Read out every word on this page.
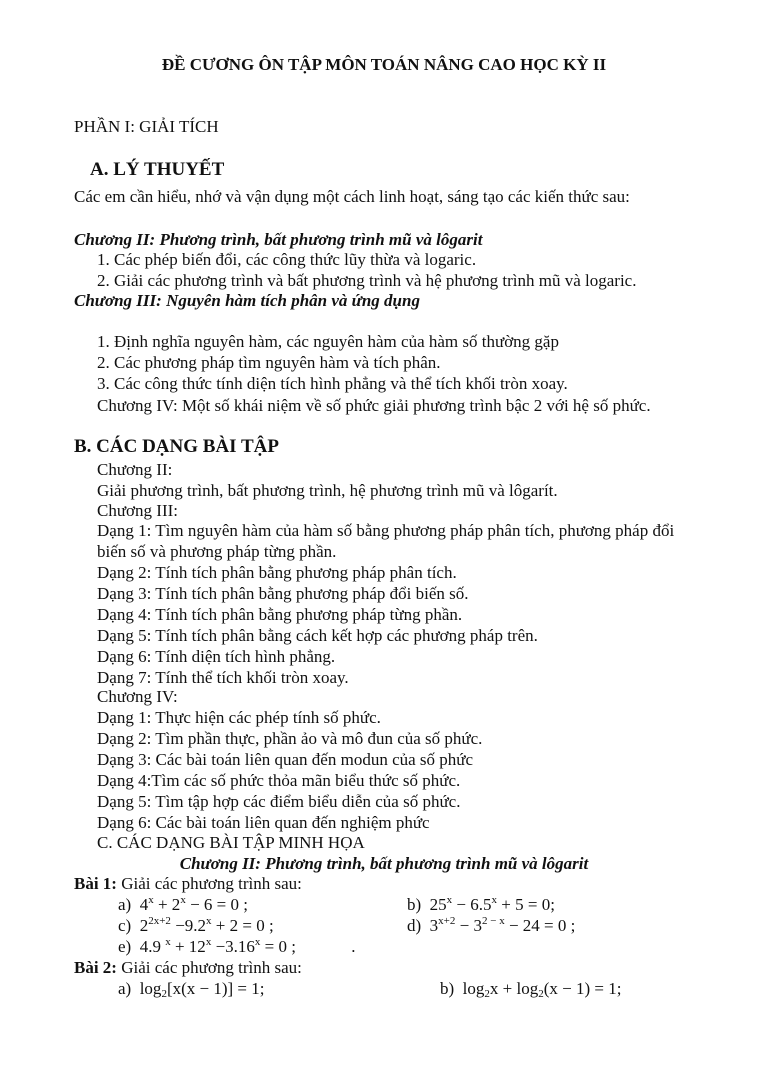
ĐỀ CƯƠNG ÔN TẬP MÔN TOÁN NÂNG CAO HỌC KỲ II
PHẦN I: GIẢI TÍCH
A. LÝ THUYẾT
Các em cần hiểu, nhớ và vận dụng một cách linh hoạt, sáng tạo các kiến thức sau:
Chương II: Phương trình, bất phương trình mũ và lôgarit
1. Các phép biến đổi, các công thức lũy thừa và logaric.
2. Giải các phương trình và bất phương trình và hệ phương trình mũ và logaric.
Chương III: Nguyên hàm tích phân và ứng dụng
1. Định nghĩa nguyên hàm, các nguyên hàm của hàm số thường gặp
2. Các phương pháp tìm nguyên hàm và tích phân.
3. Các công thức tính diện tích hình phẳng và thể tích khối tròn xoay.
Chương IV: Một số khái niệm về số phức giải phương trình bậc 2 với hệ số phức.
B. CÁC DẠNG BÀI TẬP
Chương II:
Giải phương trình, bất phương trình, hệ phương trình mũ và lôgarít.
Chương III:
Dạng 1: Tìm nguyên hàm của hàm số bằng phương pháp phân tích, phương pháp đổi
biến số và phương pháp từng phần.
Dạng 2: Tính tích phân bằng phương pháp phân tích.
Dạng 3: Tính tích phân bằng phương pháp đổi biến số.
Dạng 4: Tính tích phân bằng phương pháp từng phần.
Dạng 5: Tính tích phân bằng cách kết hợp các phương pháp trên.
Dạng 6: Tính diện tích hình phẳng.
Dạng 7: Tính thể tích khối tròn xoay.
Chương IV:
Dạng 1: Thực hiện các phép tính số phức.
Dạng 2: Tìm phần thực, phần ảo và mô đun của số phức.
Dạng 3: Các bài toán liên quan đến modun của số phức
Dạng 4:Tìm các số phức thỏa mãn biểu thức số phức.
Dạng 5: Tìm tập hợp các điểm biểu diễn của số phức.
Dạng 6: Các bài toán liên quan đến nghiệm phức
C. CÁC DẠNG BÀI TẬP MINH HỌA
Chương II: Phương trình, bất phương trình mũ và lôgarit
Bài 1: Giải các phương trình sau:
a)  $4^x + 2^x - 6 = 0$ ;	b)  $25^x - 6.5^x + 5 = 0$;
c)  $2^{2x+2} -9.2^x + 2 = 0$ ;	d)  $3^{x+2} - 3^{2 - x} - 24 = 0$ ;
e)  4.9 $^x + 12^x -3.16^x = 0$ ;             .
Bài 2: Giải các phương trình sau:
a)  $\log_2[x(x - 1)] = 1$;	b)  $\log_2x + \log_2(x - 1) = 1$;
